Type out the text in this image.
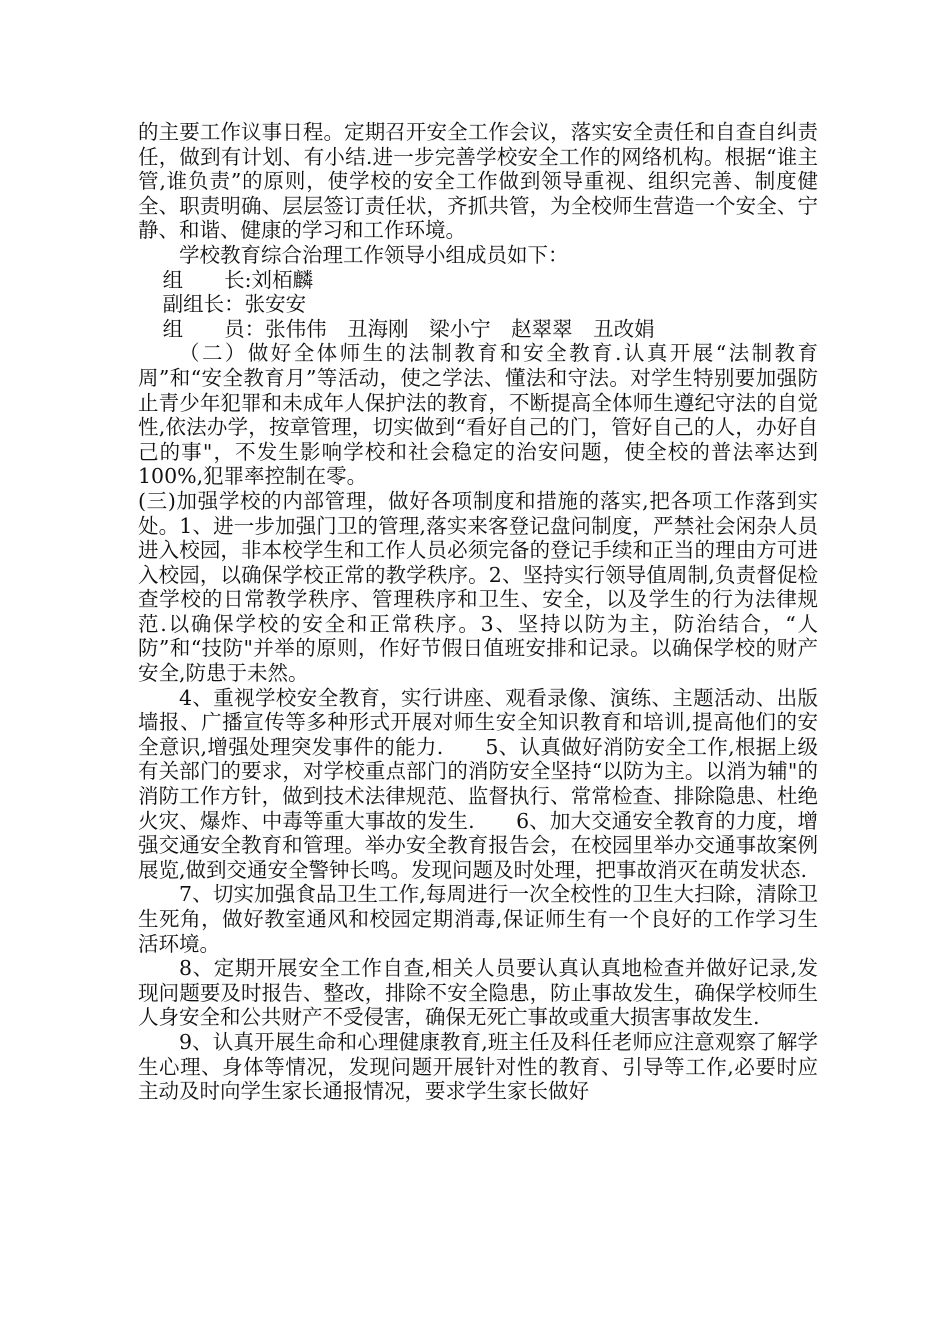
的主要工作议事日程。定期召开安全工作会议，落实安全责任和自查自纠责任，做到有计划、有小结.进一步完善学校安全工作的网络机构。根据“谁主管,谁负责”的原则，使学校的安全工作做到领导重视、组织完善、制度健全、职责明确、层层签订责任状，齐抓共管，为全校师生营造一个安全、宁静、和谐、健康的学习和工作环境。

学校教育综合治理工作领导小组成员如下：

组　　长:刘栢麟

副组长：张安安

组　　员：张伟伟　丑海刚　梁小宁　赵翠翠　丑改娟

（二）做好全体师生的法制教育和安全教育.认真开展“法制教育周”和“安全教育月”等活动，使之学法、懂法和守法。对学生特别要加强防止青少年犯罪和未成年人保护法的教育，不断提高全体师生遵纪守法的自觉性,依法办学，按章管理，切实做到“看好自己的门，管好自己的人，办好自己的事"，不发生影响学校和社会稳定的治安问题，使全校的普法率达到100%,犯罪率控制在零。

(三)加强学校的内部管理，做好各项制度和措施的落实,把各项工作落到实处。1、进一步加强门卫的管理,落实来客登记盘问制度，严禁社会闲杂人员进入校园，非本校学生和工作人员必须完备的登记手续和正当的理由方可进入校园，以确保学校正常的教学秩序。2、坚持实行领导值周制,负责督促检查学校的日常教学秩序、管理秩序和卫生、安全，以及学生的行为法律规范.以确保学校的安全和正常秩序。3、坚持以防为主，防治结合，“人防”和“技防"并举的原则，作好节假日值班安排和记录。以确保学校的财产安全,防患于未然。

4、重视学校安全教育，实行讲座、观看录像、演练、主题活动、出版墙报、广播宣传等多种形式开展对师生安全知识教育和培训,提高他们的安全意识,增强处理突发事件的能力.　　5、认真做好消防安全工作,根据上级有关部门的要求，对学校重点部门的消防安全坚持“以防为主。以消为辅"的消防工作方针，做到技术法律规范、监督执行、常常检查、排除隐患、杜绝火灾、爆炸、中毒等重大事故的发生.　　6、加大交通安全教育的力度，增强交通安全教育和管理。举办安全教育报告会，在校园里举办交通事故案例展览,做到交通安全警钟长鸣。发现问题及时处理，把事故消灭在萌发状态.

7、切实加强食品卫生工作,每周进行一次全校性的卫生大扫除，清除卫生死角，做好教室通风和校园定期消毒,保证师生有一个良好的工作学习生活环境。

8、定期开展安全工作自查,相关人员要认真认真地检查并做好记录,发现问题要及时报告、整改，排除不安全隐患，防止事故发生，确保学校师生人身安全和公共财产不受侵害，确保无死亡事故或重大损害事故发生.

9、认真开展生命和心理健康教育,班主任及科任老师应注意观察了解学生心理、身体等情况，发现问题开展针对性的教育、引导等工作,必要时应主动及时向学生家长通报情况，要求学生家长做好
